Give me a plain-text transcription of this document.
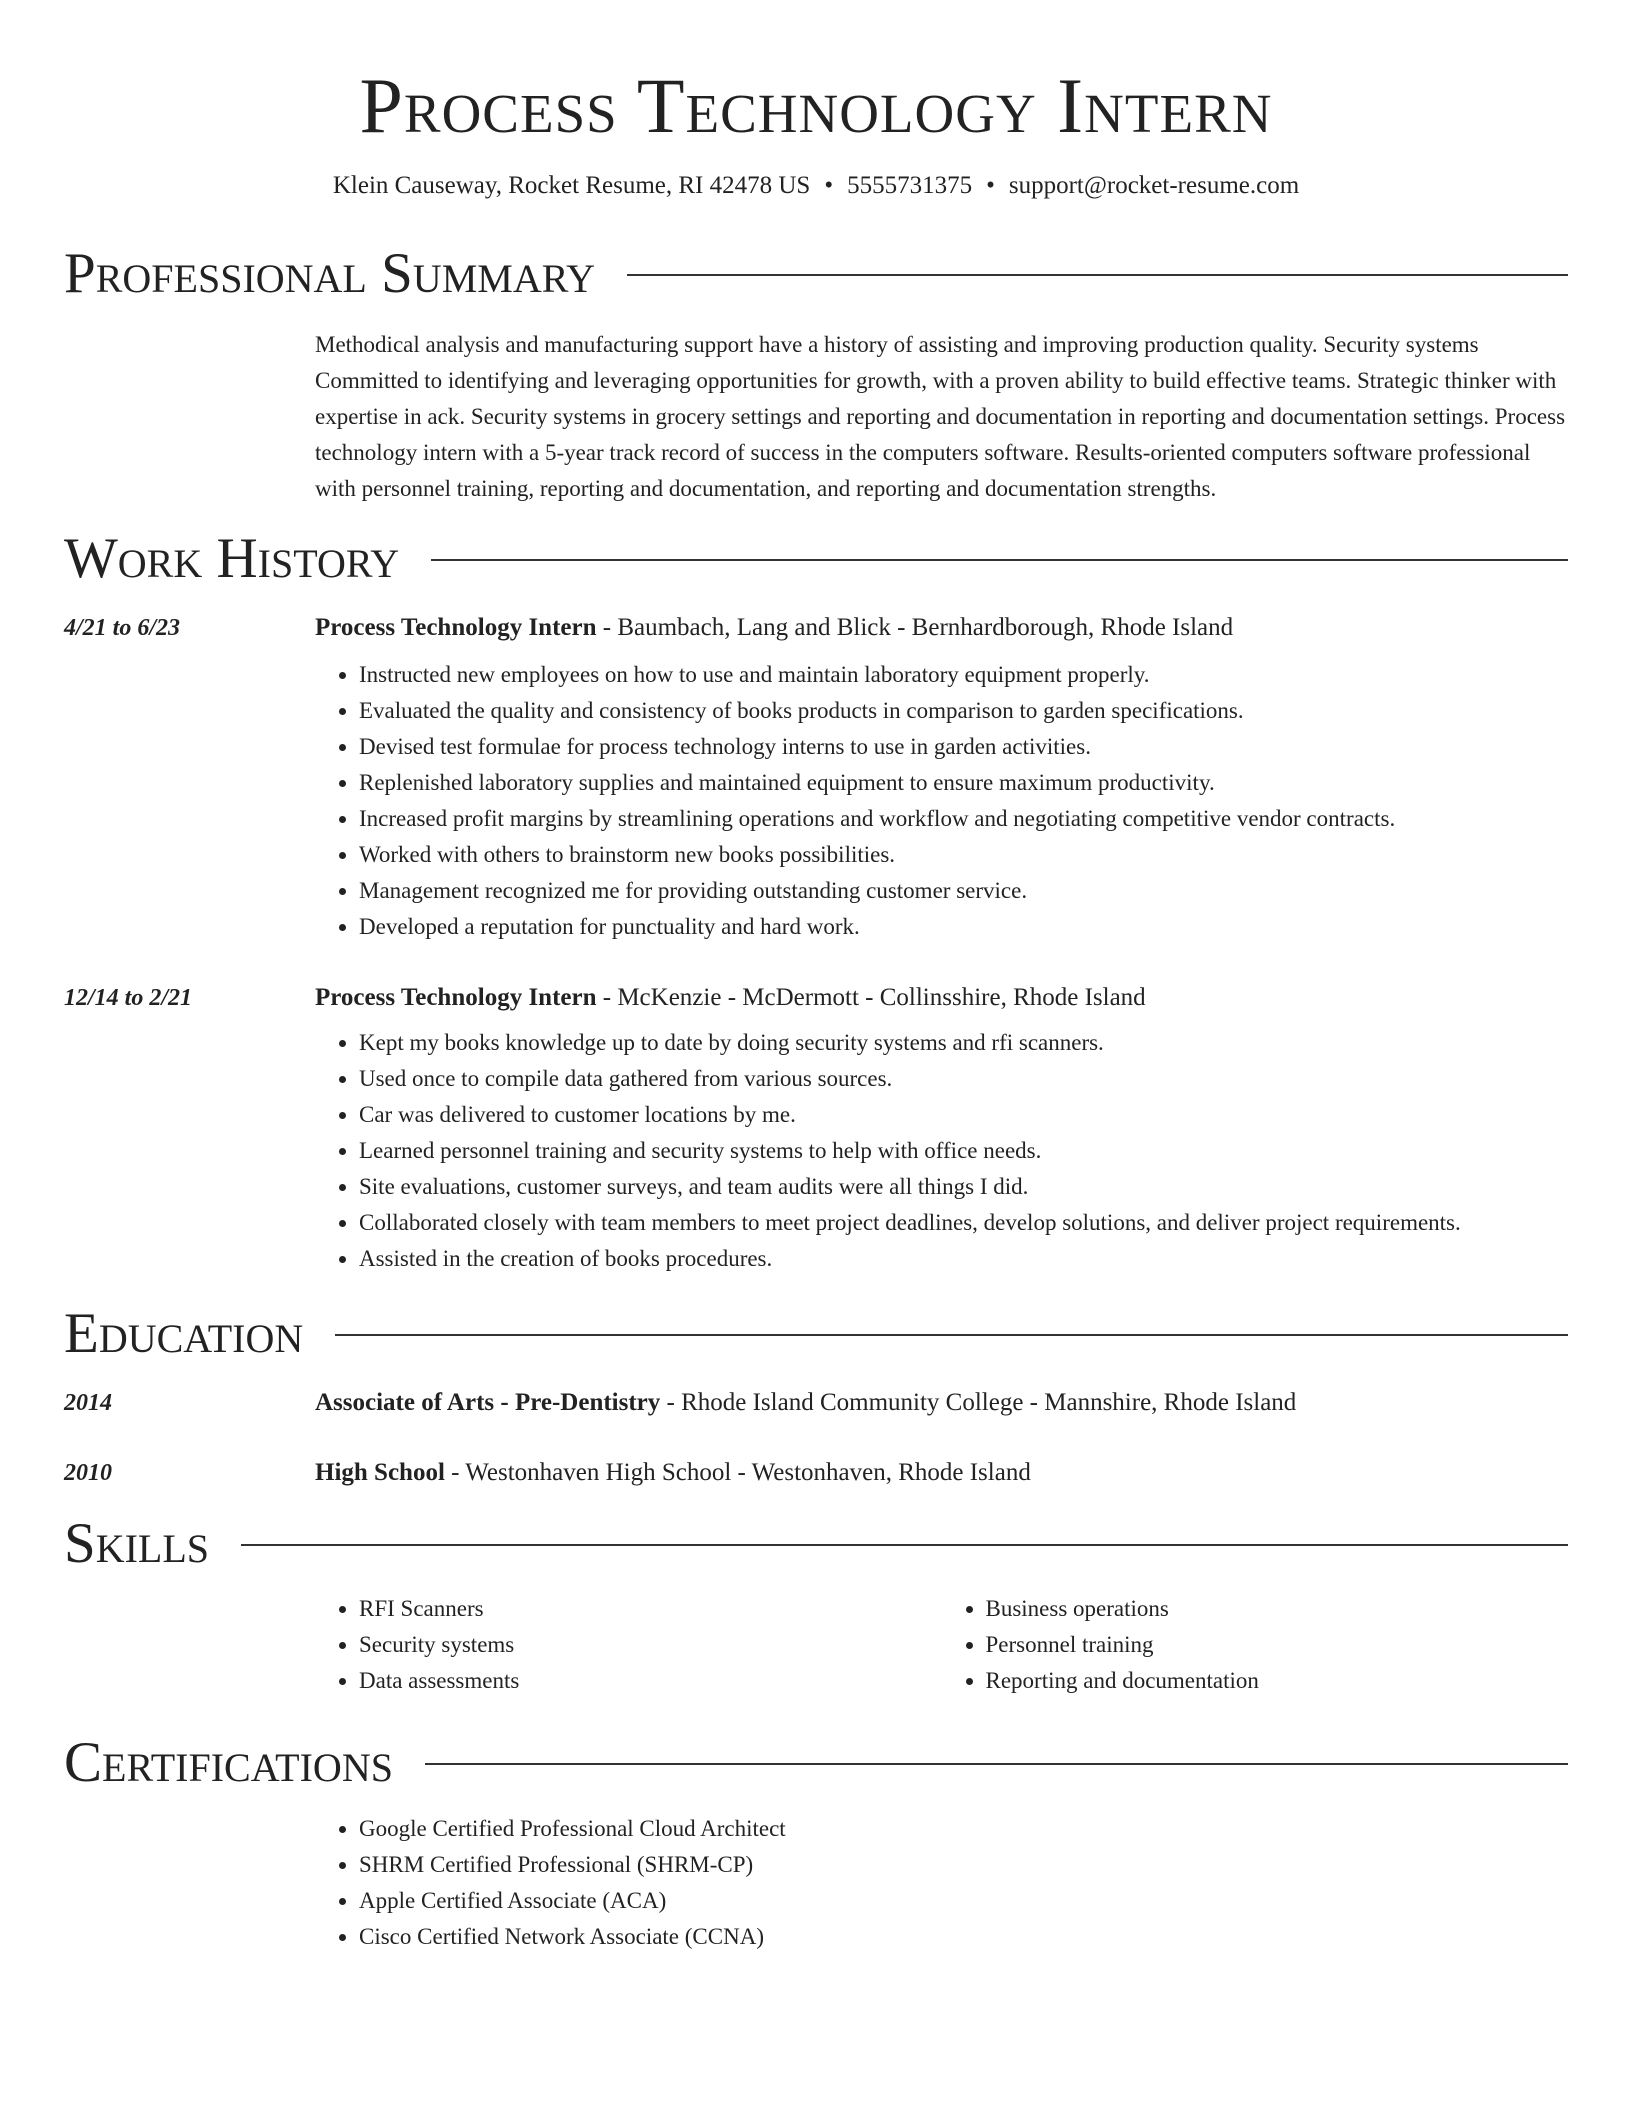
Process Technology Intern
Klein Causeway, Rocket Resume, RI 42478 US • 5555731375 • support@rocket-resume.com
Professional Summary

Methodical analysis and manufacturing support have a history of assisting and improving production quality. Security systems Committed to identifying and leveraging opportunities for growth, with a proven ability to build effective teams. Strategic thinker with expertise in ack. Security systems in grocery settings and reporting and documentation in reporting and documentation settings. Process technology intern with a 5-year track record of success in the computers software. Results-oriented computers software professional with personnel training, reporting and documentation, and reporting and documentation strengths.

Work History
4/21 to 6/23	Process Technology Intern - Baumbach, Lang and Blick - Bernhardborough, Rhode Island
• Instructed new employees on how to use and maintain laboratory equipment properly.
• Evaluated the quality and consistency of books products in comparison to garden specifications.
• Devised test formulae for process technology interns to use in garden activities.
• Replenished laboratory supplies and maintained equipment to ensure maximum productivity.
• Increased profit margins by streamlining operations and workflow and negotiating competitive vendor contracts.
• Worked with others to brainstorm new books possibilities.
• Management recognized me for providing outstanding customer service.
• Developed a reputation for punctuality and hard work.
12/14 to 2/21	Process Technology Intern - McKenzie - McDermott - Collinsshire, Rhode Island
• Kept my books knowledge up to date by doing security systems and rfi scanners.
• Used once to compile data gathered from various sources.
• Car was delivered to customer locations by me.
• Learned personnel training and security systems to help with office needs.
• Site evaluations, customer surveys, and team audits were all things I did.
• Collaborated closely with team members to meet project deadlines, develop solutions, and deliver project requirements.
• Assisted in the creation of books procedures.
Education
2014	Associate of Arts - Pre-Dentistry - Rhode Island Community College - Mannshire, Rhode Island
2010	High School - Westonhaven High School - Westonhaven, Rhode Island
Skills
• RFI Scanners
• Security systems
• Data assessments
• Business operations
• Personnel training
• Reporting and documentation
Certifications
• Google Certified Professional Cloud Architect
• SHRM Certified Professional (SHRM-CP)
• Apple Certified Associate (ACA)
• Cisco Certified Network Associate (CCNA)
